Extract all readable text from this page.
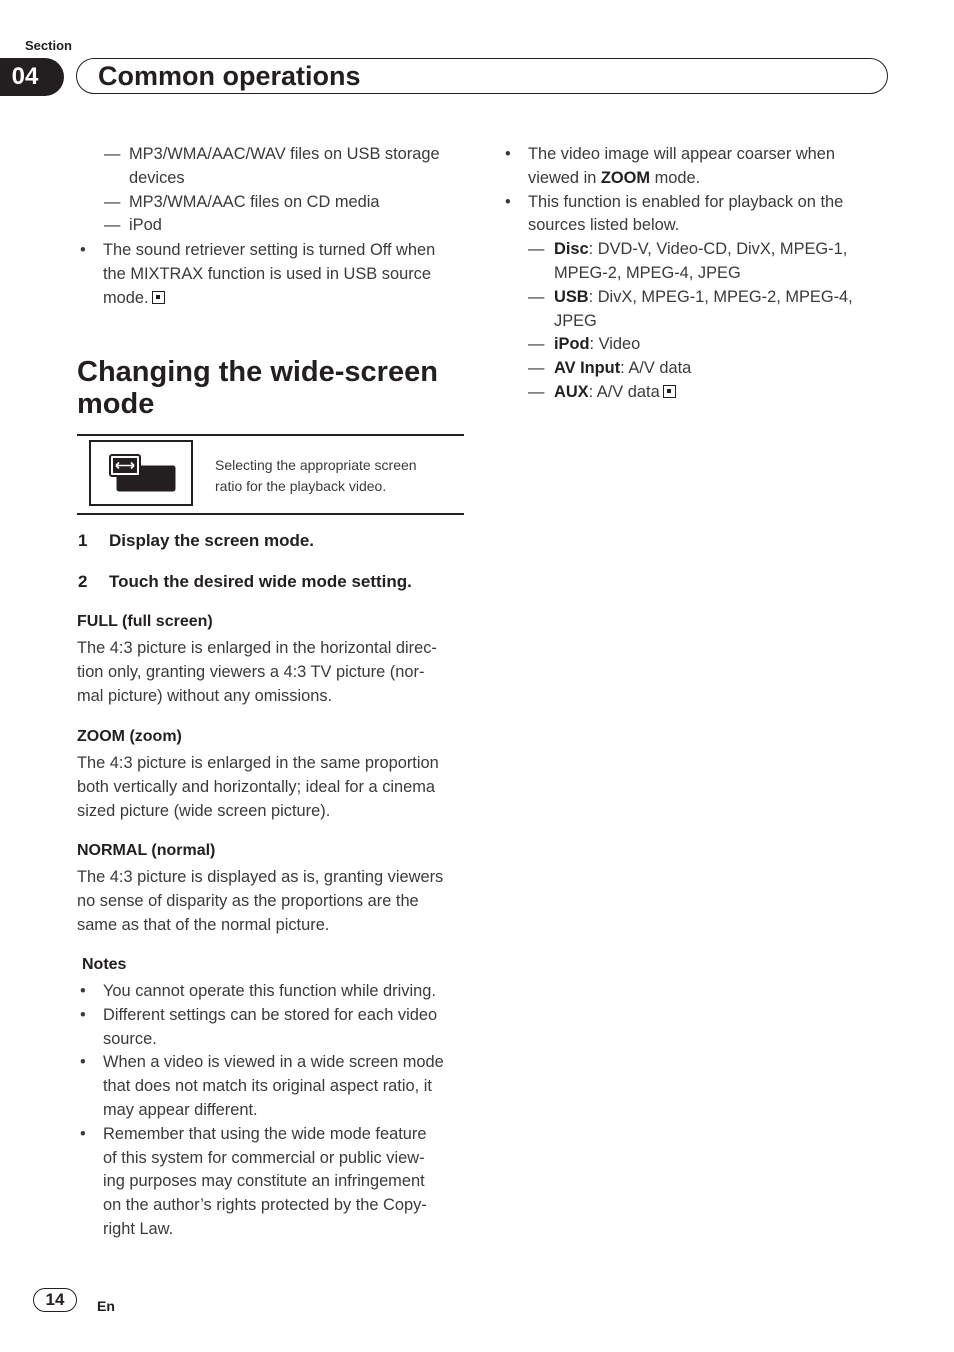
Section
04	Common operations
— MP3/WMA/AAC/WAV files on USB storage
devices
— MP3/WMA/AAC files on CD media
— iPod
• The sound retriever setting is turned Off when
the MIXTRAX function is used in USB source
mode.
Changing the wide-screen
mode
Selecting the appropriate screen
ratio for the playback video.
1 Display the screen mode.
2 Touch the desired wide mode setting.
FULL (full screen)
The 4:3 picture is enlarged in the horizontal direc-
tion only, granting viewers a 4:3 TV picture (nor-
mal picture) without any omissions.
ZOOM (zoom)
The 4:3 picture is enlarged in the same proportion
both vertically and horizontally; ideal for a cinema
sized picture (wide screen picture).
NORMAL (normal)
The 4:3 picture is displayed as is, granting viewers
no sense of disparity as the proportions are the
same as that of the normal picture.
Notes
• You cannot operate this function while driving.
• Different settings can be stored for each video
source.
• When a video is viewed in a wide screen mode
that does not match its original aspect ratio, it
may appear different.
• Remember that using the wide mode feature
of this system for commercial or public view-
ing purposes may constitute an infringement
on the author’s rights protected by the Copy-
right Law.
• The video image will appear coarser when
viewed in ZOOM mode.
• This function is enabled for playback on the
sources listed below.
— Disc: DVD-V, Video-CD, DivX, MPEG-1,
MPEG-2, MPEG-4, JPEG
— USB: DivX, MPEG-1, MPEG-2, MPEG-4,
JPEG
— iPod: Video
— AV Input: A/V data
— AUX: A/V data
14	En
